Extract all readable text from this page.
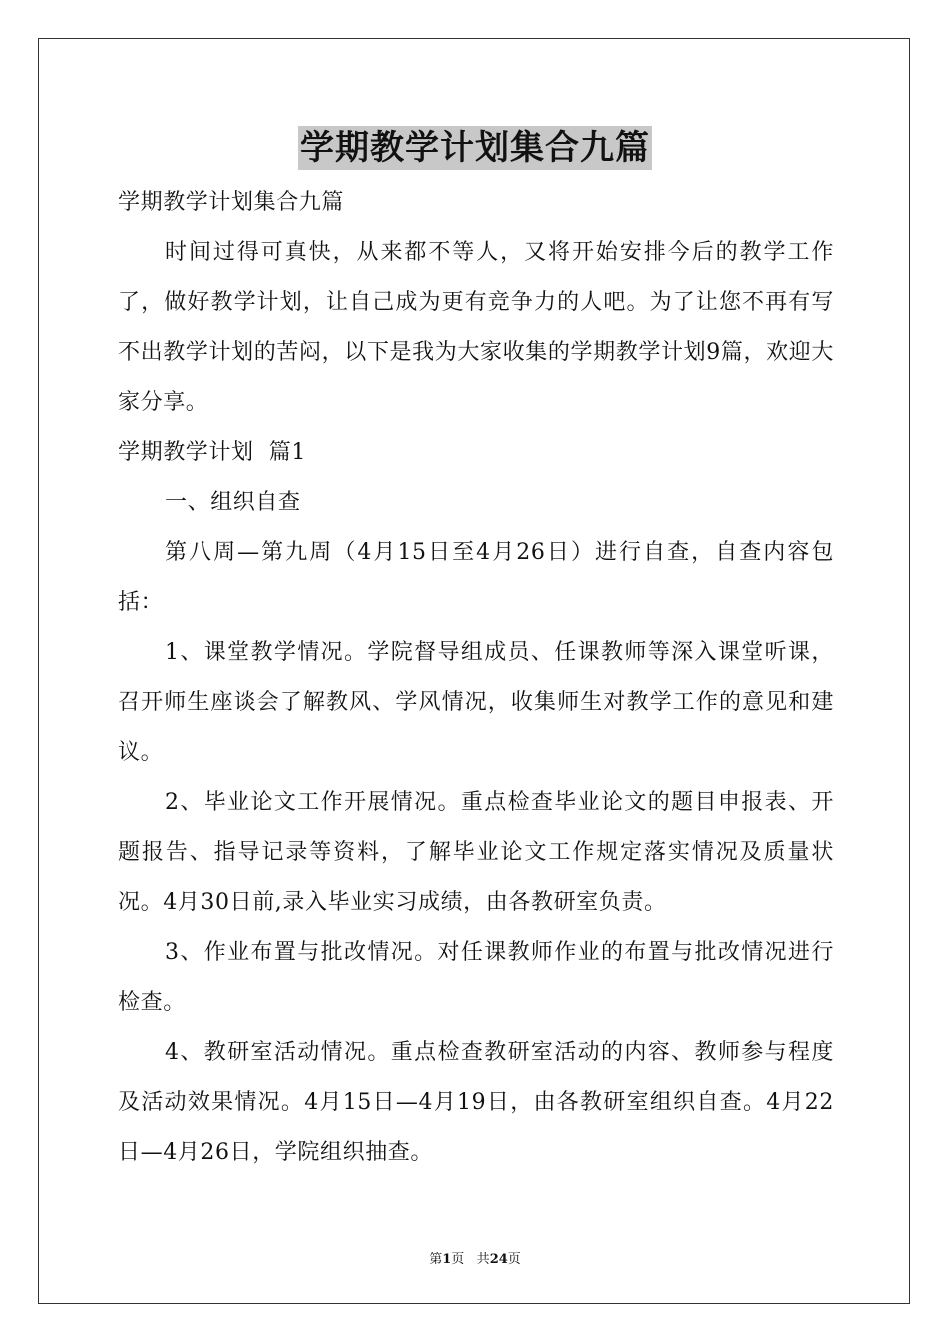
学期教学计划集合九篇
学期教学计划集合九篇
时间过得可真快，从来都不等人，又将开始安排今后的教学工作了，做好教学计划，让自己成为更有竞争力的人吧。为了让您不再有写不出教学计划的苦闷，以下是我为大家收集的学期教学计划9篇，欢迎大家分享。
学期教学计划  篇1
一、组织自查
第八周—第九周（4月15日至4月26日）进行自查，自查内容包括：
1、课堂教学情况。学院督导组成员、任课教师等深入课堂听课，召开师生座谈会了解教风、学风情况，收集师生对教学工作的意见和建议。
2、毕业论文工作开展情况。重点检查毕业论文的题目申报表、开题报告、指导记录等资料，了解毕业论文工作规定落实情况及质量状况。4月30日前,录入毕业实习成绩，由各教研室负责。
3、作业布置与批改情况。对任课教师作业的布置与批改情况进行检查。
4、教研室活动情况。重点检查教研室活动的内容、教师参与程度及活动效果情况。4月15日—4月19日，由各教研室组织自查。4月22日—4月26日，学院组织抽查。
第1页 共24页
